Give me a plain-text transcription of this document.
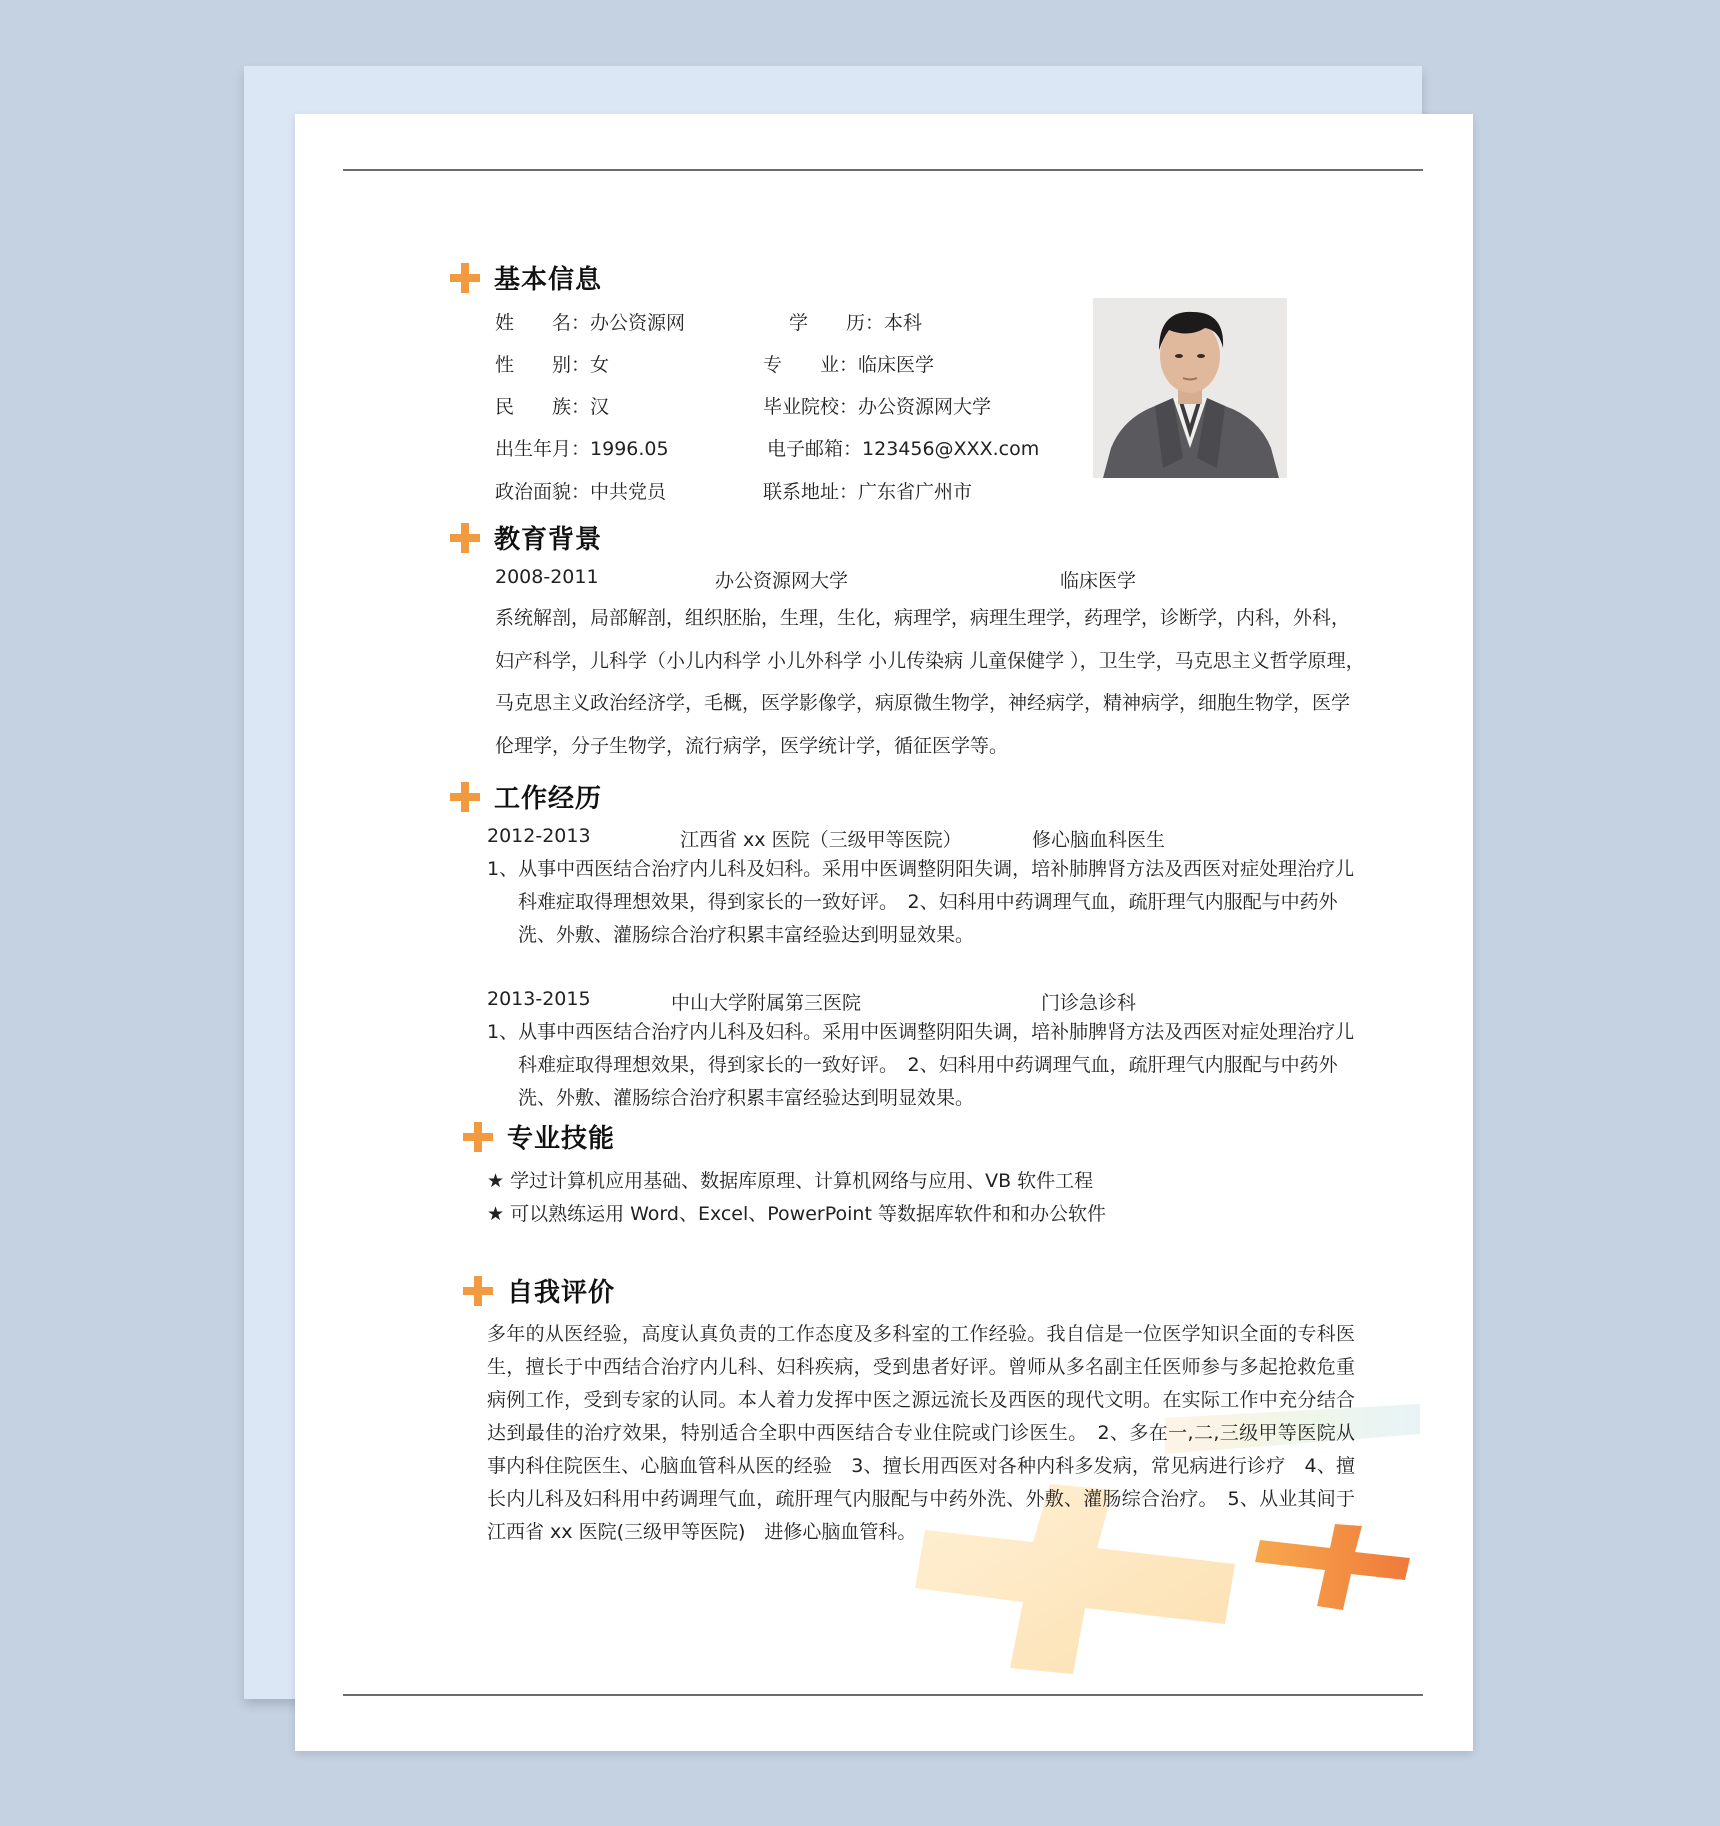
基本信息
姓　　名：办公资源网	学　　历：本科
性　　别：女	专　　业：临床医学
民　　族：汉	毕业院校：办公资源网大学
出生年月：1996.05	电子邮箱：123456@XXX.com
政治面貌：中共党员	联系地址：广东省广州市
教育背景
2008-2011	办公资源网大学	临床医学
系统解剖，局部解剖，组织胚胎，生理，生化，病理学，病理生理学，药理学，诊断学，内科，外科，妇产科学，儿科学（小儿内科学 小儿外科学 小儿传染病 儿童保健学 ），卫生学，马克思主义哲学原理，马克思主义政治经济学，毛概，医学影像学，病原微生物学，神经病学，精神病学，细胞生物学，医学伦理学，分子生物学，流行病学，医学统计学，循征医学等。
工作经历
2012-2013	江西省 xx 医院（三级甲等医院）	修心脑血科医生
1、从事中西医结合治疗内儿科及妇科。采用中医调整阴阳失调，培补肺脾肾方法及西医对症处理治疗儿科难症取得理想效果，得到家长的一致好评。　2、妇科用中药调理气血，疏肝理气内服配与中药外洗、外敷、灌肠综合治疗积累丰富经验达到明显效果。
2013-2015	中山大学附属第三医院	门诊急诊科
1、从事中西医结合治疗内儿科及妇科。采用中医调整阴阳失调，培补肺脾肾方法及西医对症处理治疗儿科难症取得理想效果，得到家长的一致好评。　2、妇科用中药调理气血，疏肝理气内服配与中药外洗、外敷、灌肠综合治疗积累丰富经验达到明显效果。
专业技能
★ 学过计算机应用基础、数据库原理、计算机网络与应用、VB 软件工程
★ 可以熟练运用 Word、Excel、PowerPoint 等数据库软件和和办公软件
自我评价
多年的从医经验，高度认真负责的工作态度及多科室的工作经验。我自信是一位医学知识全面的专科医生，擅长于中西结合治疗内儿科、妇科疾病，受到患者好评。曾师从多名副主任医师参与多起抢救危重病例工作，受到专家的认同。本人着力发挥中医之源远流长及西医的现代文明。在实际工作中充分结合达到最佳的治疗效果，特别适合全职中西医结合专业住院或门诊医生。　2、多在一,二,三级甲等医院从事内科住院医生、心脑血管科从医的经验　3、擅长用西医对各种内科多发病，常见病进行诊疗　4、擅长内儿科及妇科用中药调理气血，疏肝理气内服配与中药外洗、外敷、灌肠综合治疗。　5、从业其间于江西省 xx 医院(三级甲等医院)　进修心脑血管科。
